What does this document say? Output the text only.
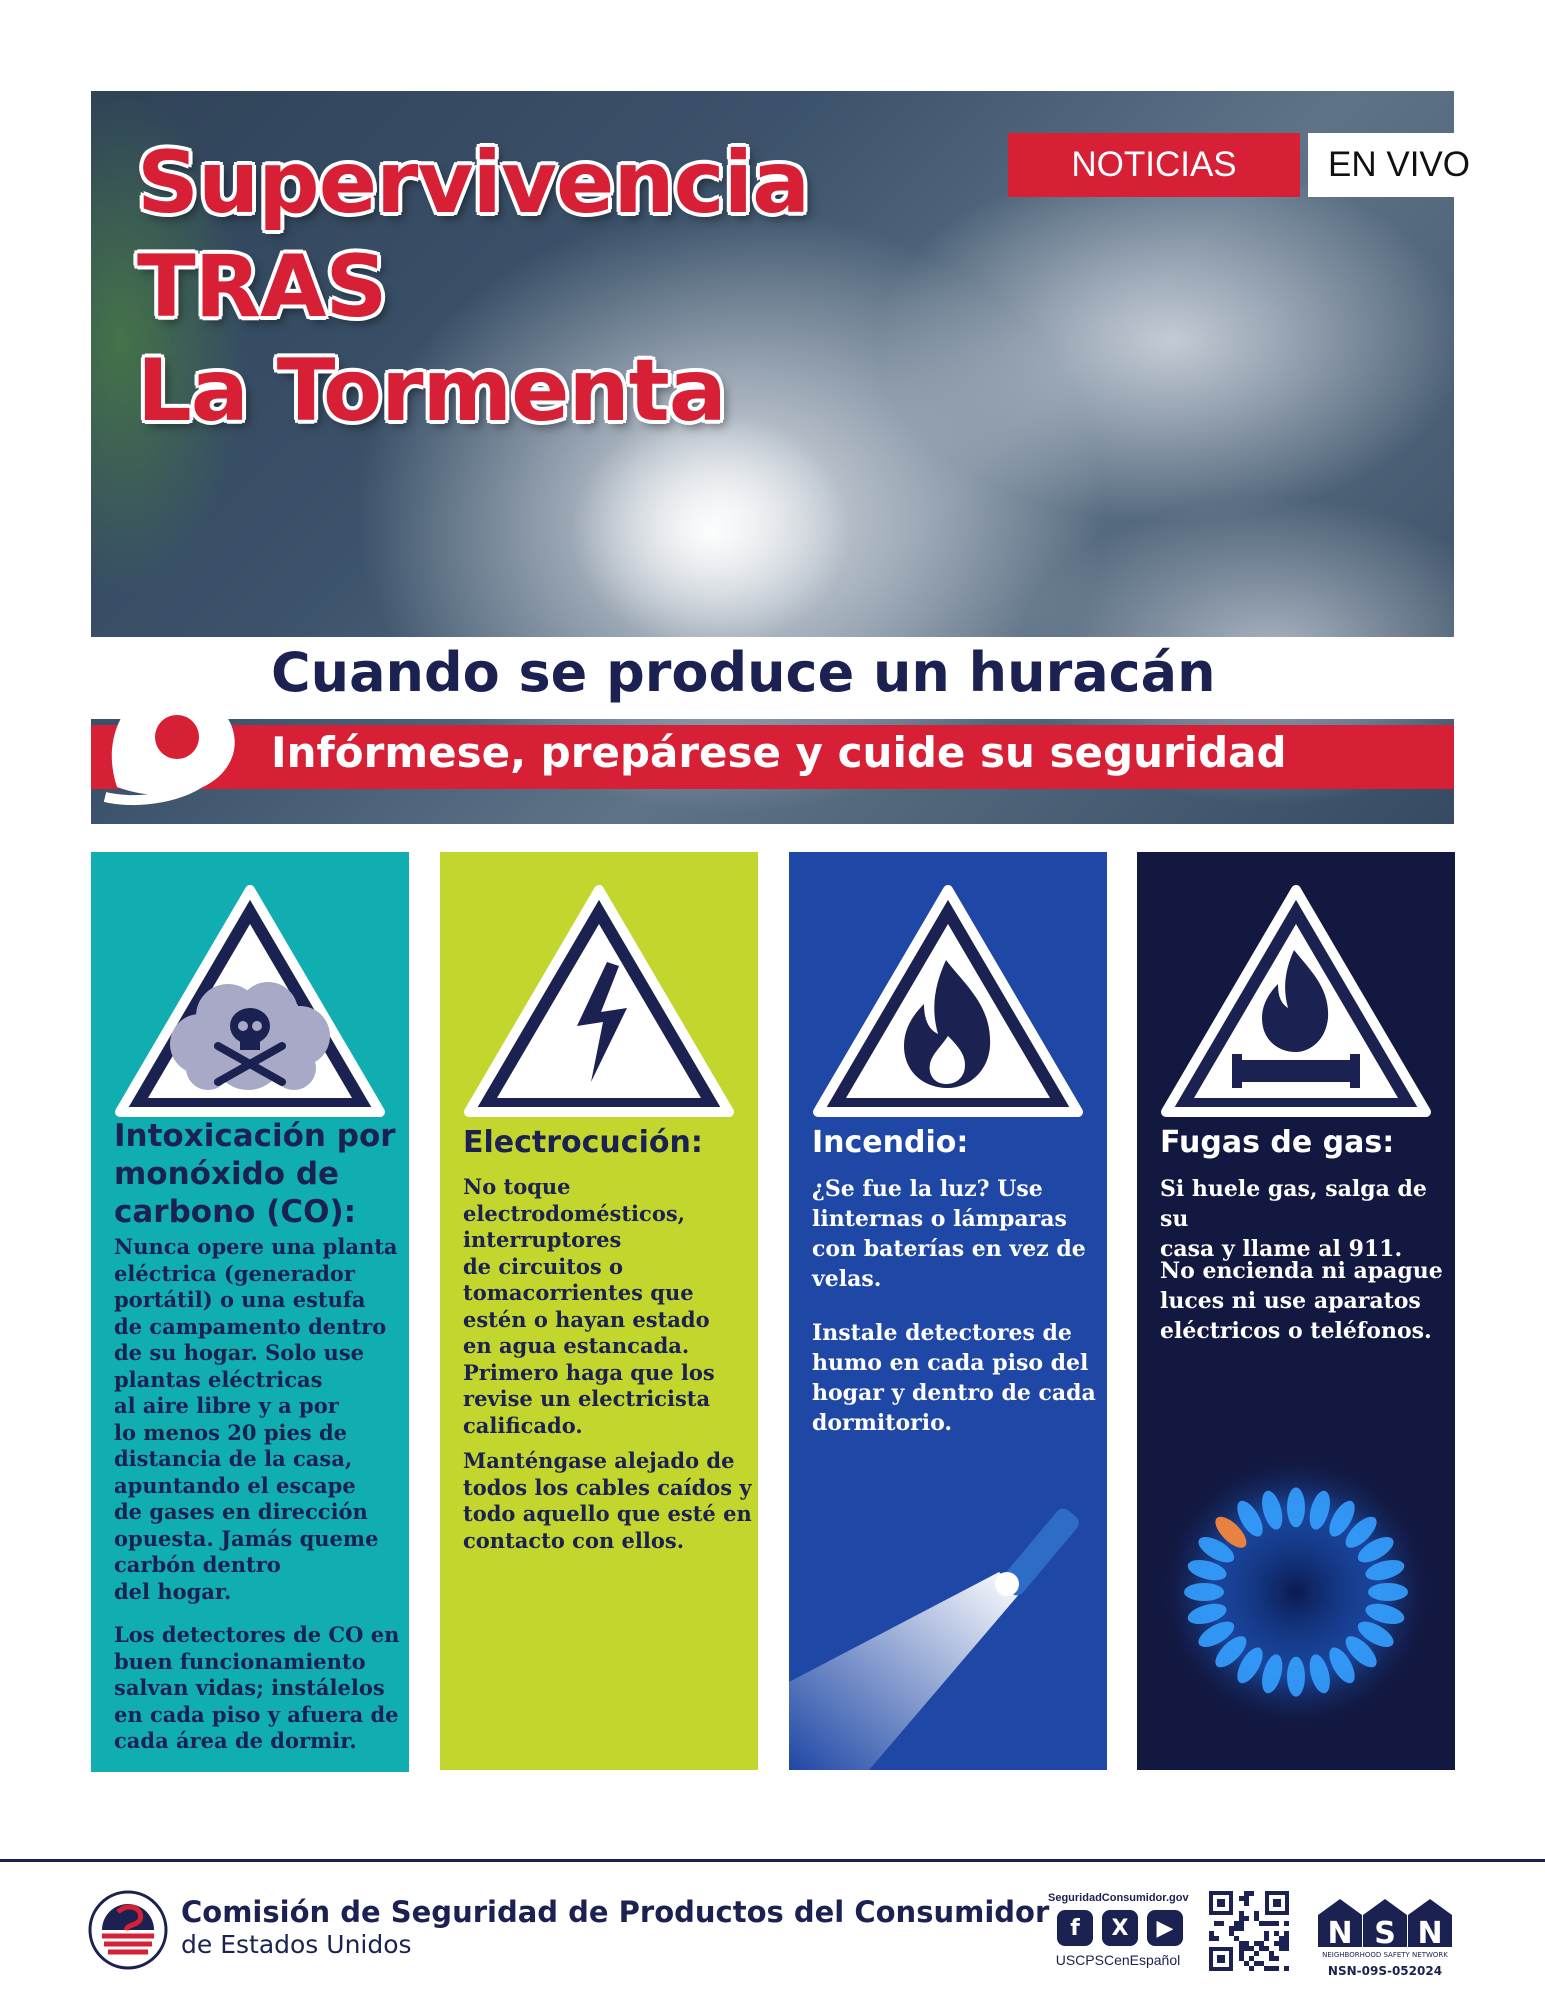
Supervivencia
TRAS
La Tormenta
NOTICIAS	EN VIVO
Cuando se produce un huracán
Infórmese, prepárese y cuide su seguridad
Intoxicación por
monóxido de
carbono (CO):

Nunca opere una planta
eléctrica (generador
portátil) o una estufa
de campamento dentro
de su hogar. Solo use
plantas eléctricas
al aire libre y a por
lo menos 20 pies de
distancia de la casa,
apuntando el escape
de gases en dirección
opuesta. Jamás queme
carbón dentro
del hogar.

Los detectores de CO en
buen funcionamiento
salvan vidas; instálelos
en cada piso y afuera de
cada área de dormir.

Electrocución:

No toque
electrodomésticos,
interruptores
de circuitos o
tomacorrientes que
estén o hayan estado
en agua estancada.
Primero haga que los
revise un electricista
calificado.

Manténgase alejado de
todos los cables caídos y
todo aquello que esté en
contacto con ellos.

Incendio:

¿Se fue la luz? Use
linternas o lámparas
con baterías en vez de
velas.

Instale detectores de
humo en cada piso del
hogar y dentro de cada
dormitorio.

Fugas de gas:

Si huele gas, salga de su
casa y llame al 911.

No encienda ni apague
luces ni use aparatos
eléctricos o teléfonos.

Comisión de Seguridad de Productos del Consumidor

de Estados Unidos

SeguridadConsumidor.gov

f	X	▶

USCPSCenEspañol

N S N
NEIGHBORHOOD SAFETY NETWORK
NSN-09S-052024
